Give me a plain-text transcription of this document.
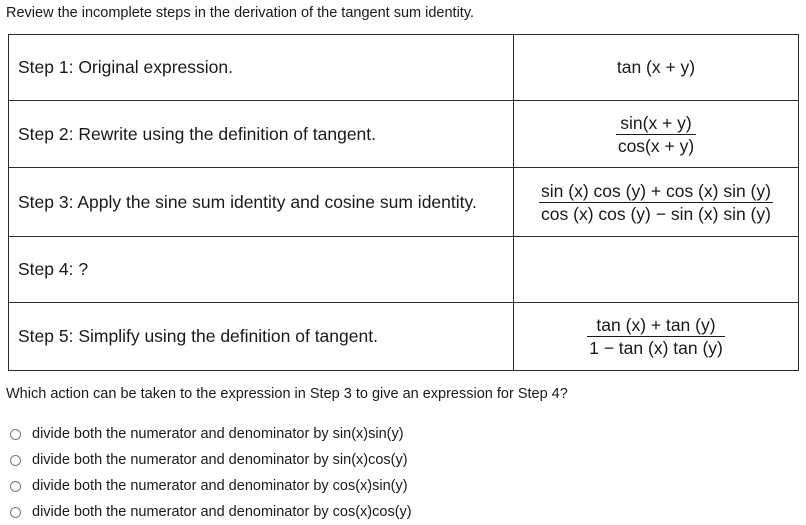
Review the incomplete steps in the derivation of the tangent sum identity.
Step 1: Original expression.	tan (x + y)
Step 2: Rewrite using the definition of tangent.	$\frac{\sin(x + y)}{\cos(x + y)}$

Step 3: Apply the sine sum identity and cosine sum identity.	$\frac{\sin (x) \cos (y) + \cos (x) \sin (y)}{\cos (x) \cos (y) - \sin (x) \sin (y)}$

Step 4: ?	
Step 5: Simplify using the definition of tangent.	$\frac{\tan (x) + \tan (y)}{1 - \tan (x) \tan (y)}$
Which action can be taken to the expression in Step 3 to give an expression for Step 4?
divide both the numerator and denominator by sin(x)sin(y)
divide both the numerator and denominator by sin(x)cos(y)
divide both the numerator and denominator by cos(x)sin(y)
divide both the numerator and denominator by cos(x)cos(y)
